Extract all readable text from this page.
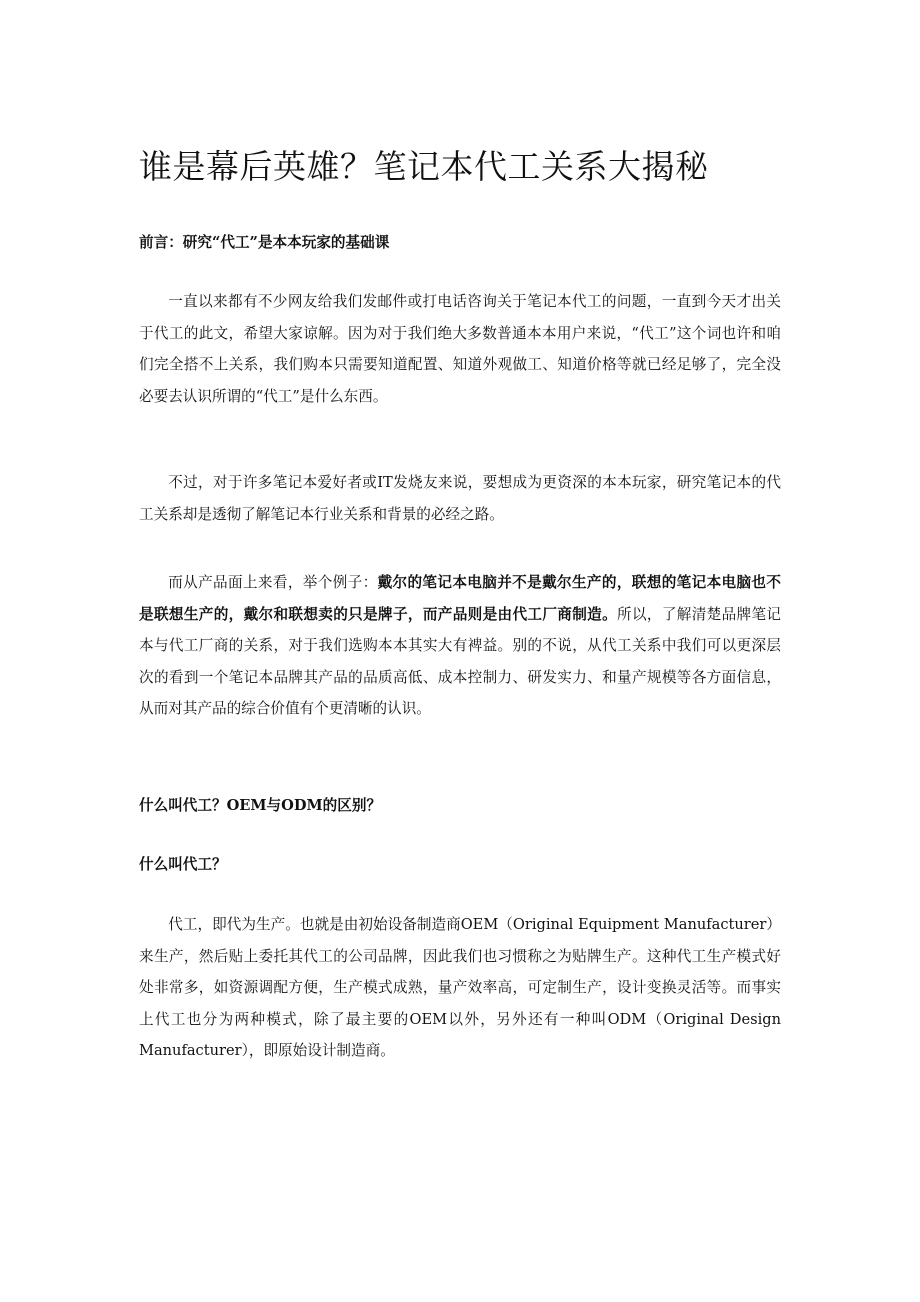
谁是幕后英雄？笔记本代工关系大揭秘

前言：研究“代工”是本本玩家的基础课

一直以来都有不少网友给我们发邮件或打电话咨询关于笔记本代工的问题，一直到今天才出关于代工的此文，希望大家谅解。因为对于我们绝大多数普通本本用户来说，“代工”这个词也许和咱们完全搭不上关系，我们购本只需要知道配置、知道外观做工、知道价格等就已经足够了，完全没必要去认识所谓的“代工”是什么东西。

不过，对于许多笔记本爱好者或IT发烧友来说，要想成为更资深的本本玩家，研究笔记本的代工关系却是透彻了解笔记本行业关系和背景的必经之路。

而从产品面上来看，举个例子：戴尔的笔记本电脑并不是戴尔生产的，联想的笔记本电脑也不是联想生产的，戴尔和联想卖的只是牌子，而产品则是由代工厂商制造。所以，了解清楚品牌笔记本与代工厂商的关系，对于我们选购本本其实大有裨益。别的不说，从代工关系中我们可以更深层次的看到一个笔记本品牌其产品的品质高低、成本控制力、研发实力、和量产规模等各方面信息，从而对其产品的综合价值有个更清晰的认识。

什么叫代工？OEM与ODM的区别？

什么叫代工？

代工，即代为生产。也就是由初始设备制造商OEM（Original Equipment Manufacturer）来生产，然后贴上委托其代工的公司品牌，因此我们也习惯称之为贴牌生产。这种代工生产模式好处非常多，如资源调配方便，生产模式成熟，量产效率高，可定制生产，设计变换灵活等。而事实上代工也分为两种模式，除了最主要的OEM以外，另外还有一种叫ODM（Original Design Manufacturer），即原始设计制造商。
